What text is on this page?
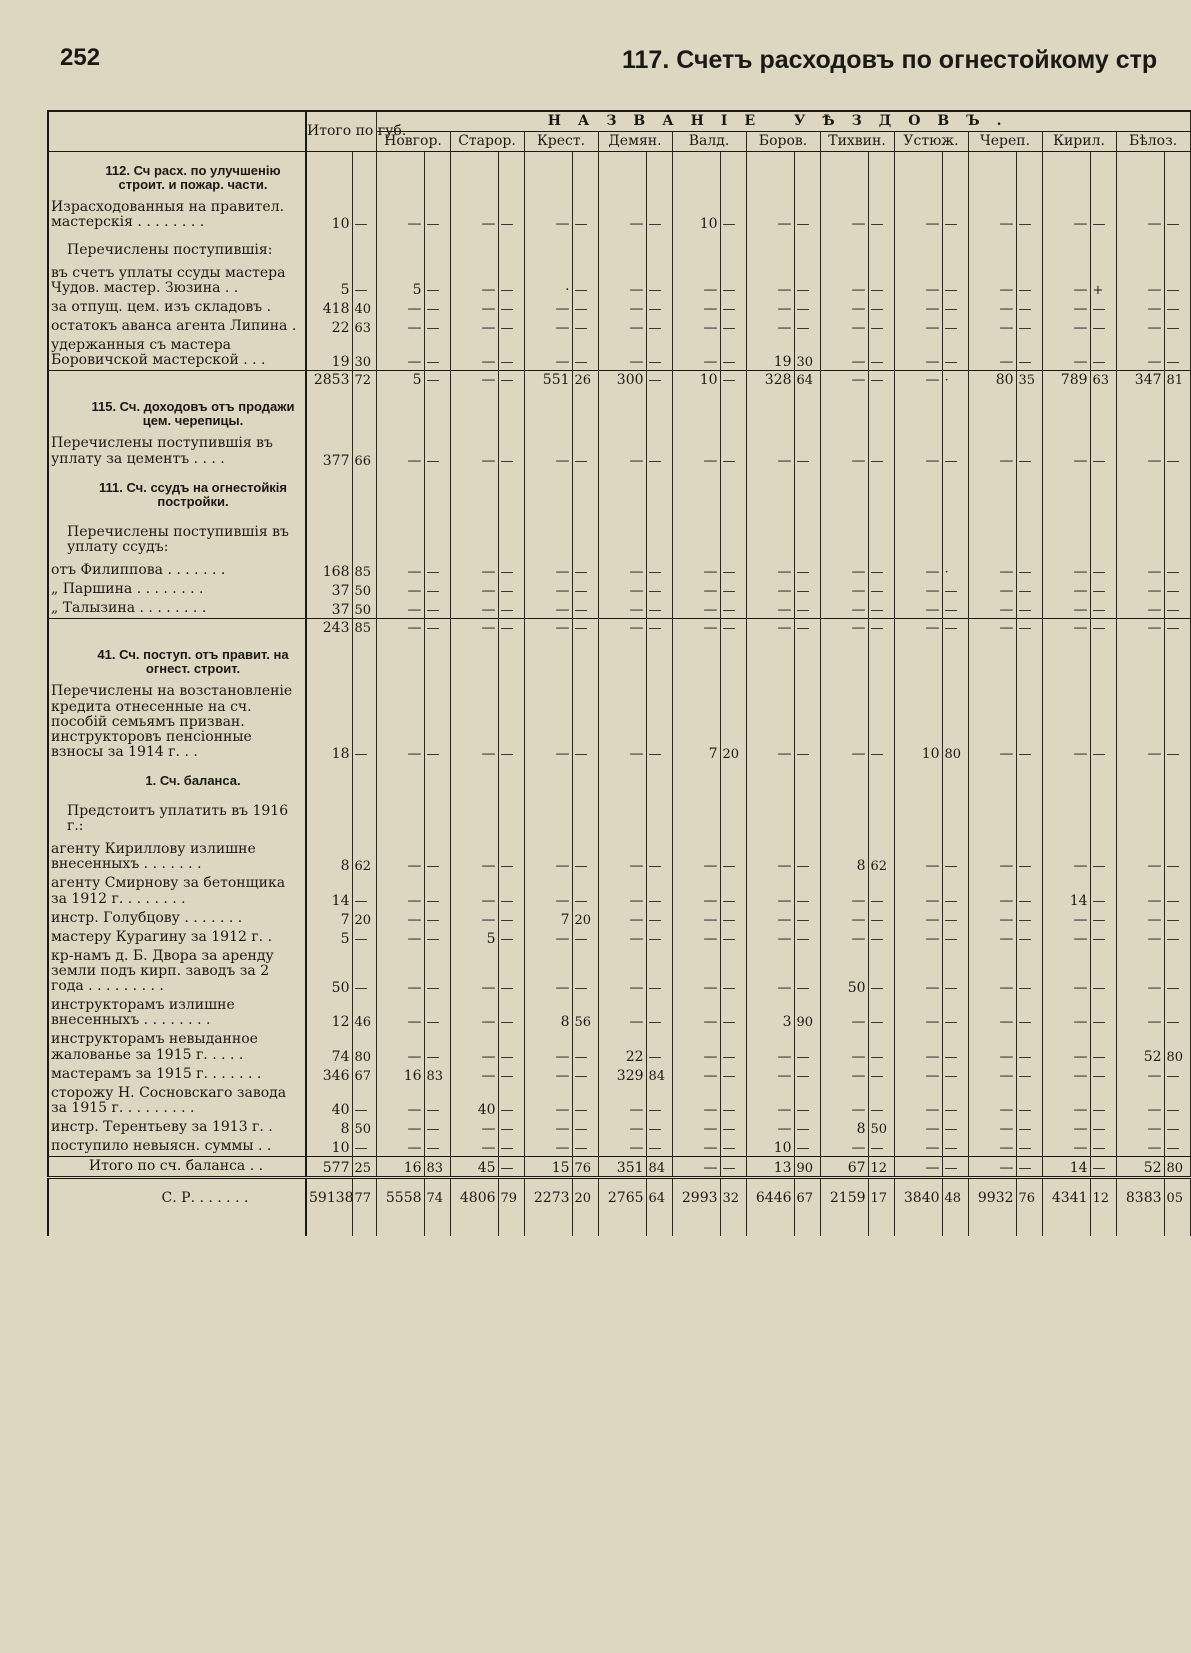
252	117. Счетъ расходовъ по огнестойкому стр
	Итого по губ.		НАЗВАНІЕ УѢЗДОВЪ.																					
			Новгор.		Старор.		Крест.		Демян.		Валд.		Боров.		Тихвин.		Устюж.		Череп.		Кирил.		Бѣлоз.	
112. Сч расх. по улучшенію строит. и пожар. части.																								
Израсходованныя на правител. мастерскія . . . . . . . .	10	—	—	—	—	—	—	—	—	—	10	—	—	—	—	—	—	—	—	—	—	—	—	—
Перечислены поступившія:																								
въ счетъ уплаты ссуды мастера Чудов. мастер. Зюзина . .	5	—	5	—	—	—	·	—	—	—	—	—	—	—	—	—	—	—	—	—	—	+	—	—
за отпущ. цем. изъ складовъ .	418	40	—	—	—	—	—	—	—	—	—	—	—	—	—	—	—	—	—	—	—	—	—	—
остатокъ аванса агента Липина .	22	63	—	—	—	—	—	—	—	—	—	—	—	—	—	—	—	—	—	—	—	—	—	—
удержанныя съ мастера Боровичской мастерской . . .	19	30	—	—	—	—	—	—	—	—	—	—	19	30	—	—	—	—	—	—	—	—	—	—
	2853	72	5	—	—	—	551	26	300	—	10	—	328	64	—	—	—	·	80	35	789	63	347	81
115. Сч. доходовъ отъ продажи цем. черепицы.																								
Перечислены поступившія въ уплату за цементъ . . . .	377	66	—	—	—	—	—	—	—	—	—	—	—	—	—	—	—	—	—	—	—	—	—	—
111. Сч. ссудъ на огнестойкія постройки.																								
Перечислены поступившія въ уплату ссудъ:																								
отъ Филиппова . . . . . . .	168	85	—	—	—	—	—	—	—	—	—	—	—	—	—	—	—	·	—	—	—	—	—	—
„ Паршина . . . . . . . .	37	50	—	—	—	—	—	—	—	—	—	—	—	—	—	—	—	—	—	—	—	—	—	—
„ Талызина . . . . . . . .	37	50	—	—	—	—	—	—	—	—	—	—	—	—	—	—	—	—	—	—	—	—	—	—
	243	85	—	—	—	—	—	—	—	—	—	—	—	—	—	—	—	—	—	—	—	—	—	—
41. Сч. поступ. отъ правит. на огнест. строит.																								
Перечислены на возстановленіе кредита отнесенные на сч. пособій семьямъ призван. инструкторовъ пенсіонные взносы за 1914 г. . .	18	—	—	—	—	—	—	—	—	—	7	20	—	—	—	—	10	80	—	—	—	—	—	—
1. Сч. баланса.																								
Предстоитъ уплатить въ 1916 г.:																								
агенту Кириллову излишне внесенныхъ . . . . . . .	8	62	—	—	—	—	—	—	—	—	—	—	—	—	8	62	—	—	—	—	—	—	—	—
агенту Смирнову за бетонщика за 1912 г. . . . . . . .	14	—	—	—	—	—	—	—	—	—	—	—	—	—	—	—	—	—	—	—	14	—	—	—
инстр. Голубцову . . . . . . .	7	20	—	—	—	—	7	20	—	—	—	—	—	—	—	—	—	—	—	—	—	—	—	—
мастеру Курагину за 1912 г. .	5	—	—	—	5	—	—	—	—	—	—	—	—	—	—	—	—	—	—	—	—	—	—	—
кр-намъ д. Б. Двора за аренду земли подъ кирп. заводъ за 2 года . . . . . . . . .	50	—	—	—	—	—	—	—	—	—	—	—	—	—	50	—	—	—	—	—	—	—	—	—
инструкторамъ излишне внесенныхъ . . . . . . . .	12	46	—	—	—	—	8	56	—	—	—	—	3	90	—	—	—	—	—	—	—	—	—	—
инструкторамъ невыданное жалованье за 1915 г. . . . .	74	80	—	—	—	—	—	—	22	—	—	—	—	—	—	—	—	—	—	—	—	—	52	80
мастерамъ за 1915 г. . . . . . .	346	67	16	83	—	—	—	—	329	84	—	—	—	—	—	—	—	—	—	—	—	—	—	—
сторожу Н. Сосновскаго завода за 1915 г. . . . . . . . .	40	—	—	—	40	—	—	—	—	—	—	—	—	—	—	—	—	—	—	—	—	—	—	—
инстр. Терентьеву за 1913 г. .	8	50	—	—	—	—	—	—	—	—	—	—	—	—	8	50	—	—	—	—	—	—	—	—
поступило невыясн. суммы . .	10	—	—	—	—	—	—	—	—	—	—	—	10	—	—	—	—	—	—	—	—	—	—	—
Итого по сч. баланса . .	577	25	16	83	45	—	15	76	351	84	—	—	13	90	67	12	—	—	—	—	14	—	52	80
С. Р. . . . . . .	59138	77	5558	74	4806	79	2273	20	2765	64	2993	32	6446	67	2159	17	3840	48	9932	76	4341	12	8383	05
